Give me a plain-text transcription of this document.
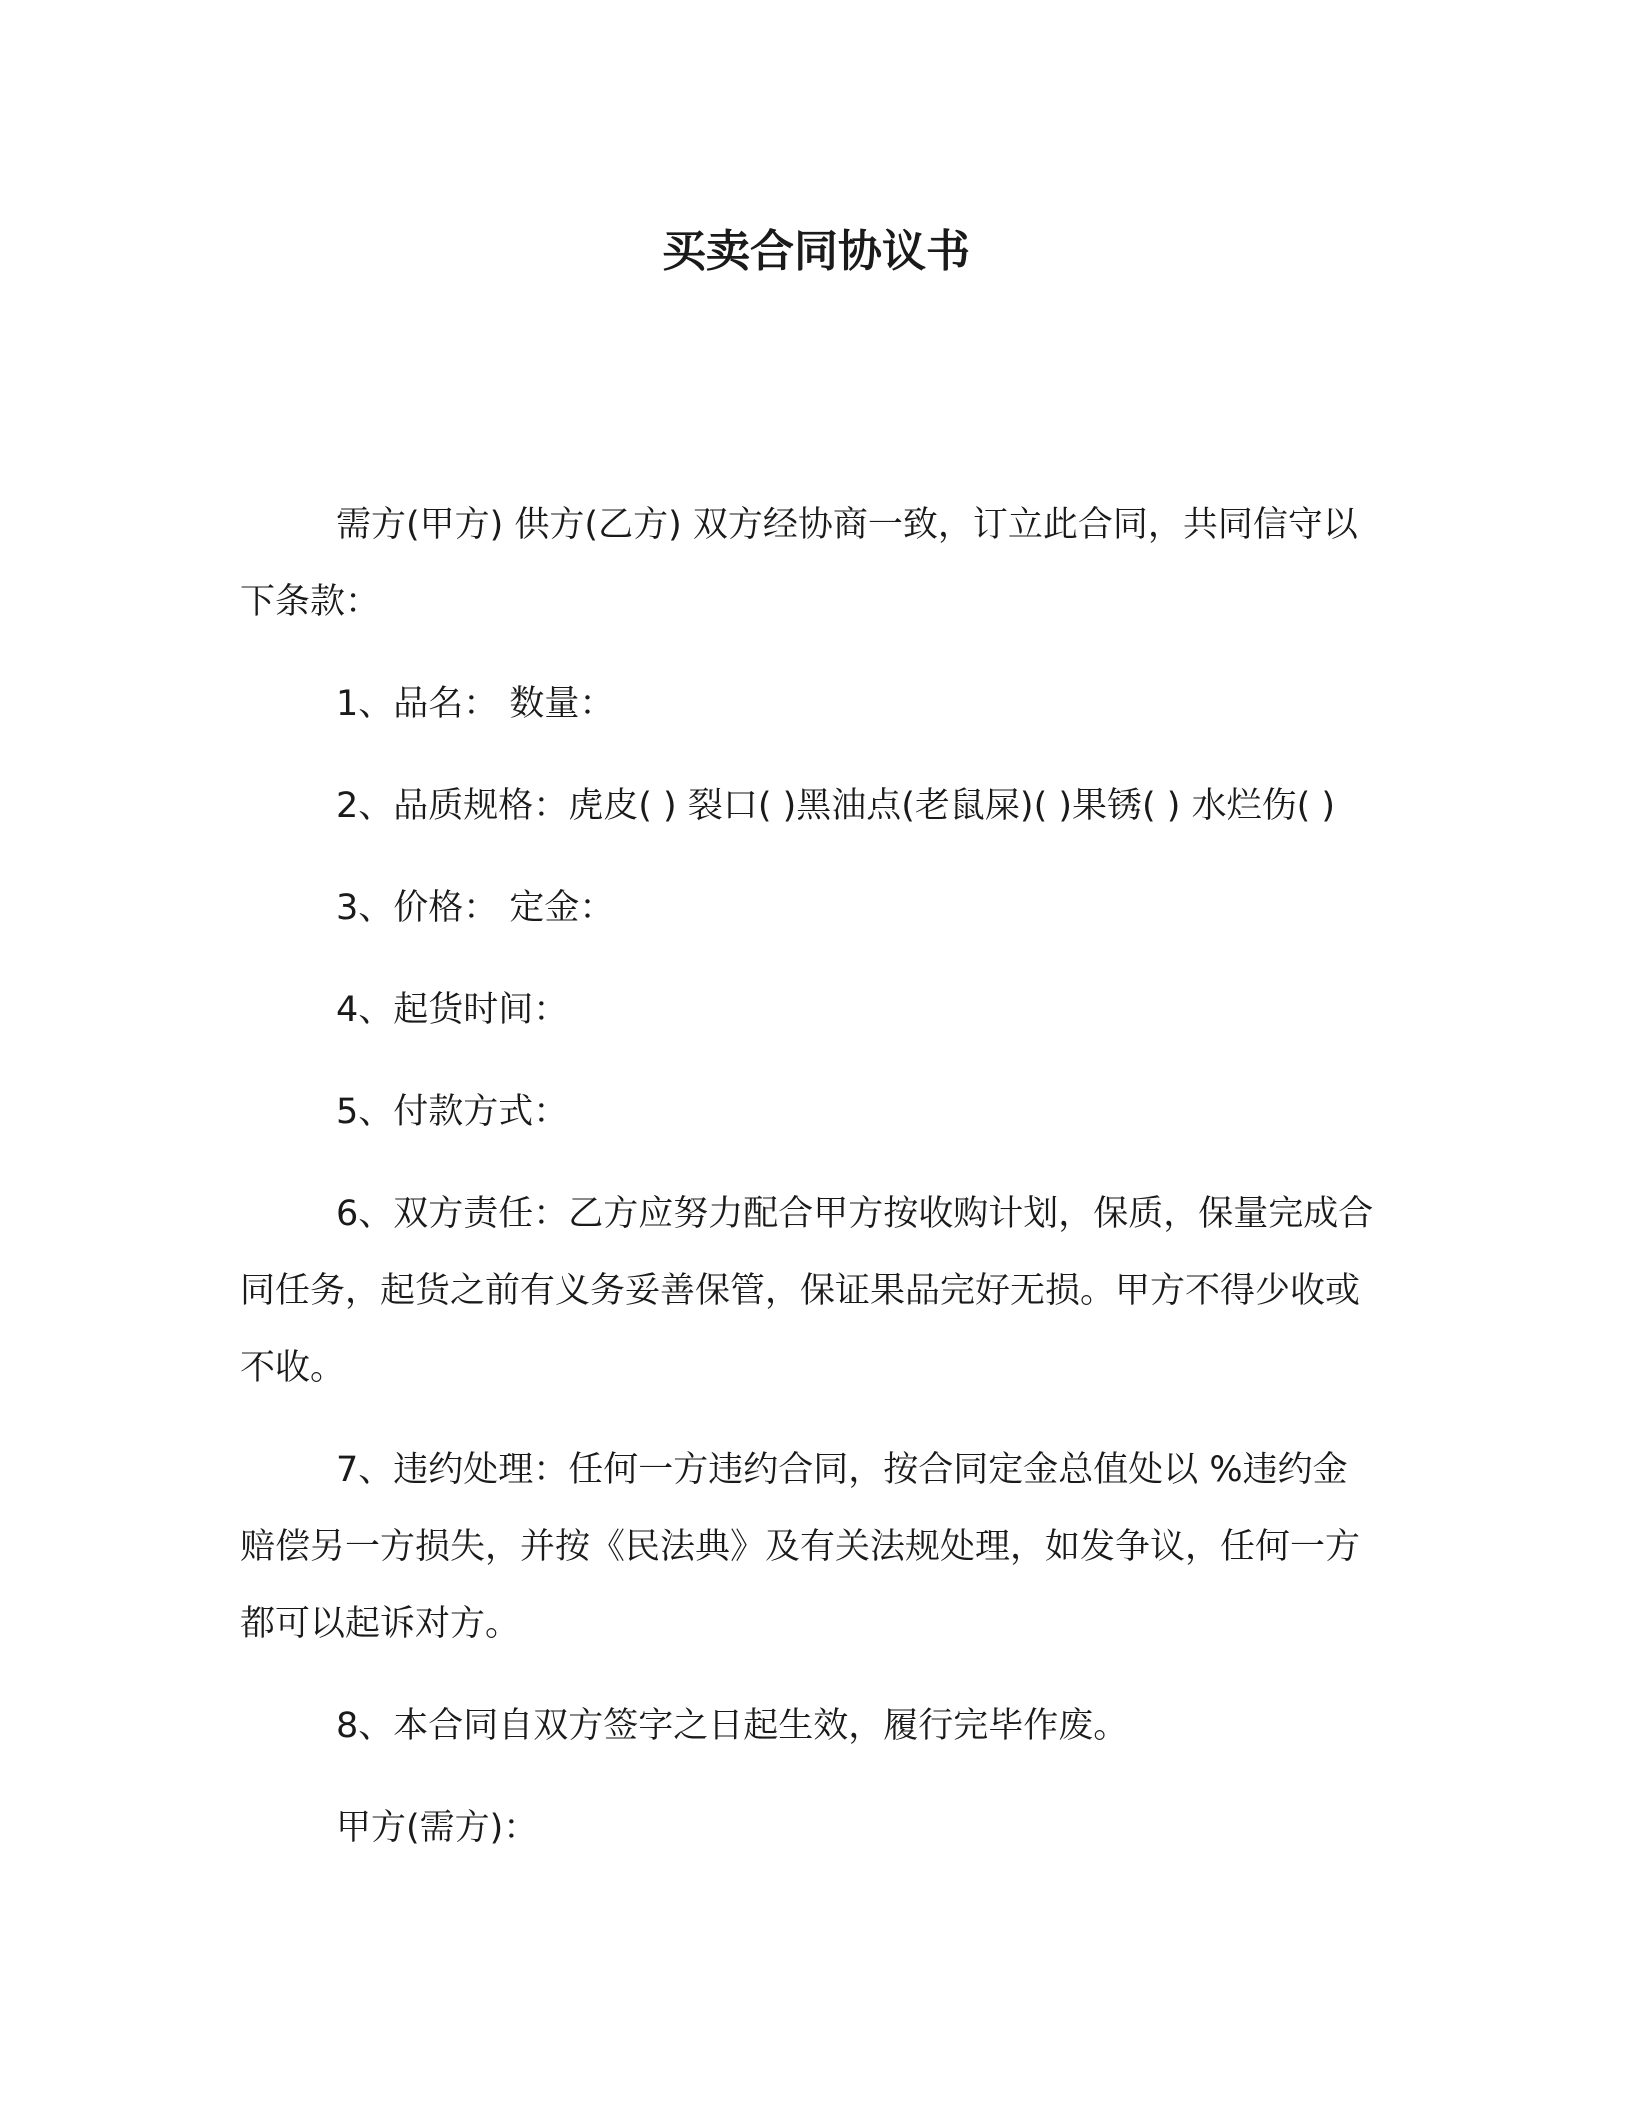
买卖合同协议书

需方(甲方) 供方(乙方) 双方经协商一致，订立此合同，共同信守以下条款：

1、品名： 数量：

2、品质规格：虎皮( ) 裂口( )黑油点(老鼠屎)( )果锈( ) 水烂伤( )

3、价格： 定金：

4、起货时间：

5、付款方式：

6、双方责任：乙方应努力配合甲方按收购计划，保质，保量完成合同任务，起货之前有义务妥善保管，保证果品完好无损。甲方不得少收或不收。

7、违约处理：任何一方违约合同，按合同定金总值处以 %违约金赔偿另一方损失，并按《民法典》及有关法规处理，如发争议，任何一方都可以起诉对方。

8、本合同自双方签字之日起生效，履行完毕作废。

甲方(需方)：
